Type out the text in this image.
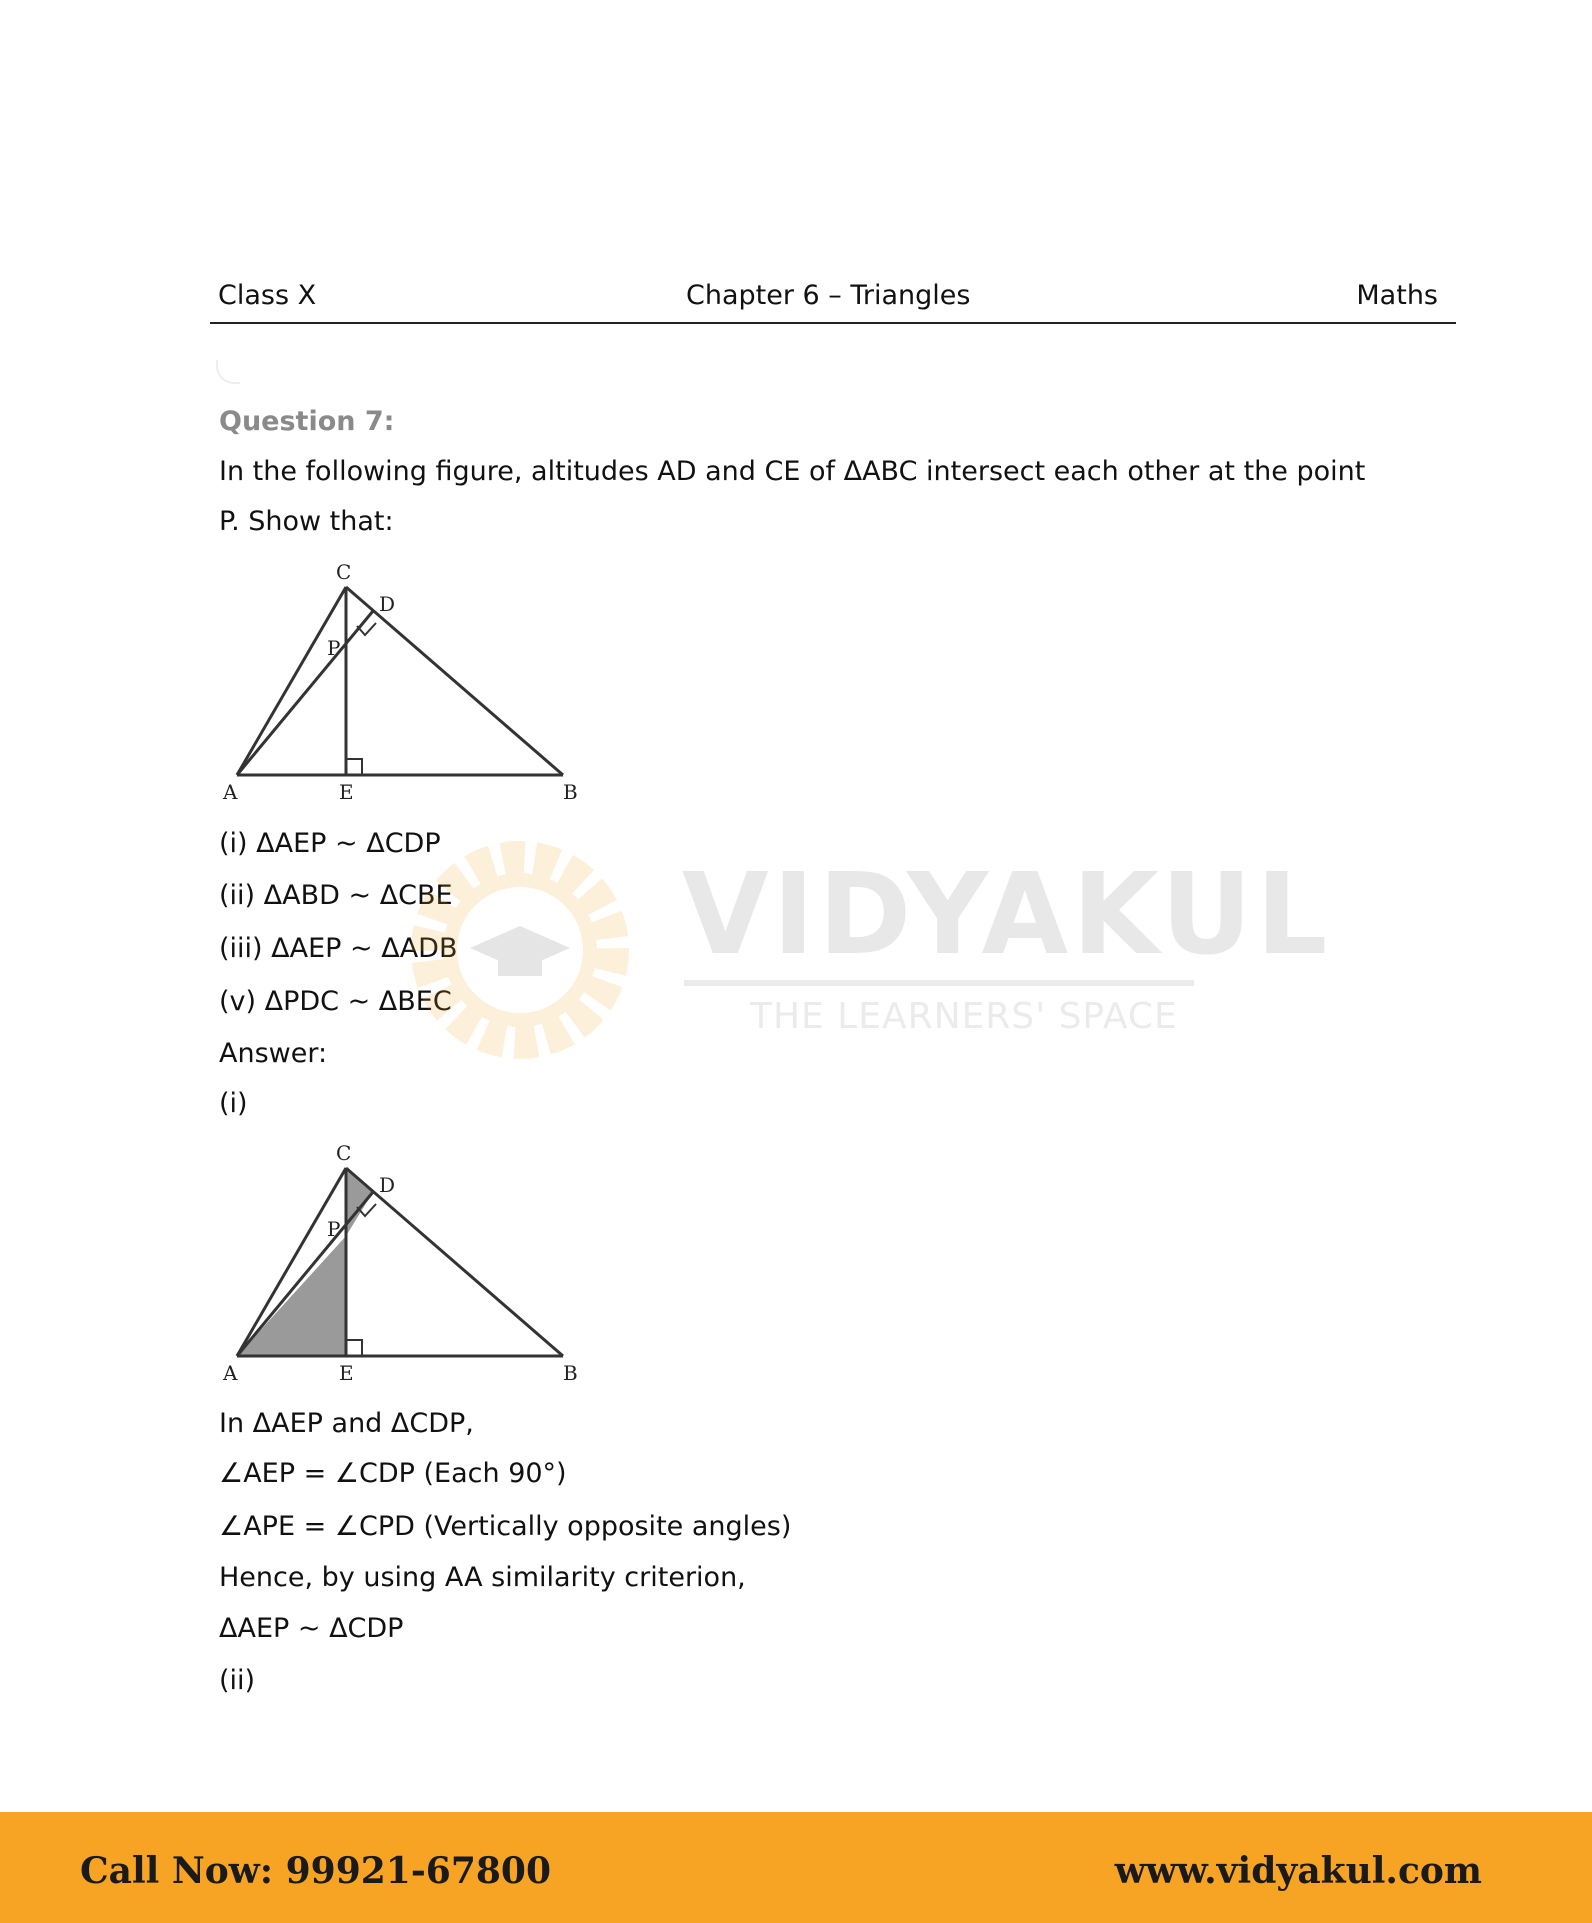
Class X	Chapter 6 – Triangles	Maths
Question 7:
In the following figure, altitudes AD and CE of ΔABC intersect each other at the point
P. Show that:
C
D
P
A	E	B
(i) ΔAEP ~ ΔCDP
(ii) ΔABD ~ ΔCBE
(iii) ΔAEP ~ ΔADB
(v) ΔPDC ~ ΔBEC
Answer:
(i)
C
D
P
A	E	B
In ΔAEP and ΔCDP,
∠AEP = ∠CDP (Each 90°)
∠APE = ∠CPD (Vertically opposite angles)
Hence, by using AA similarity criterion,
ΔAEP ~ ΔCDP
(ii)
VIDYAKUL
THE LEARNERS' SPACE
Call Now: 99921-67800	www.vidyakul.com
